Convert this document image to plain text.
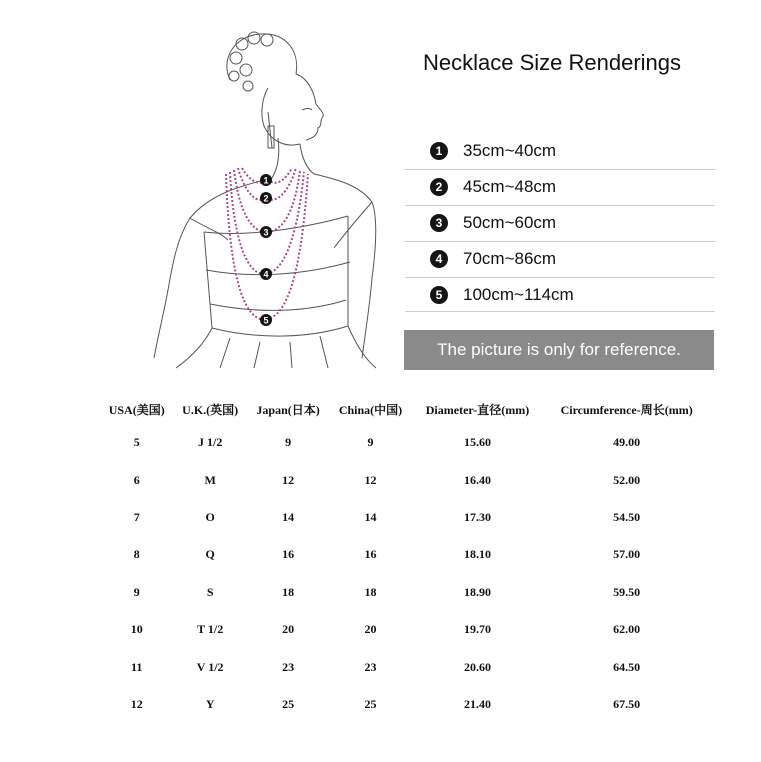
1
2
3
4
5
Necklace Size Renderings
1	35cm~40cm
2	45cm~48cm
3	50cm~60cm
4	70cm~86cm
5	100cm~114cm
The picture is only for reference.
USA(美国)	U.K.(英国)	Japan(日本)	China(中国)	Diameter-直径(mm)	Circumference-周长(mm)
5	J 1/2	9	9	15.60	49.00
6	M	12	12	16.40	52.00
7	O	14	14	17.30	54.50
8	Q	16	16	18.10	57.00
9	S	18	18	18.90	59.50
10	T 1/2	20	20	19.70	62.00
11	V 1/2	23	23	20.60	64.50
12	Y	25	25	21.40	67.50
